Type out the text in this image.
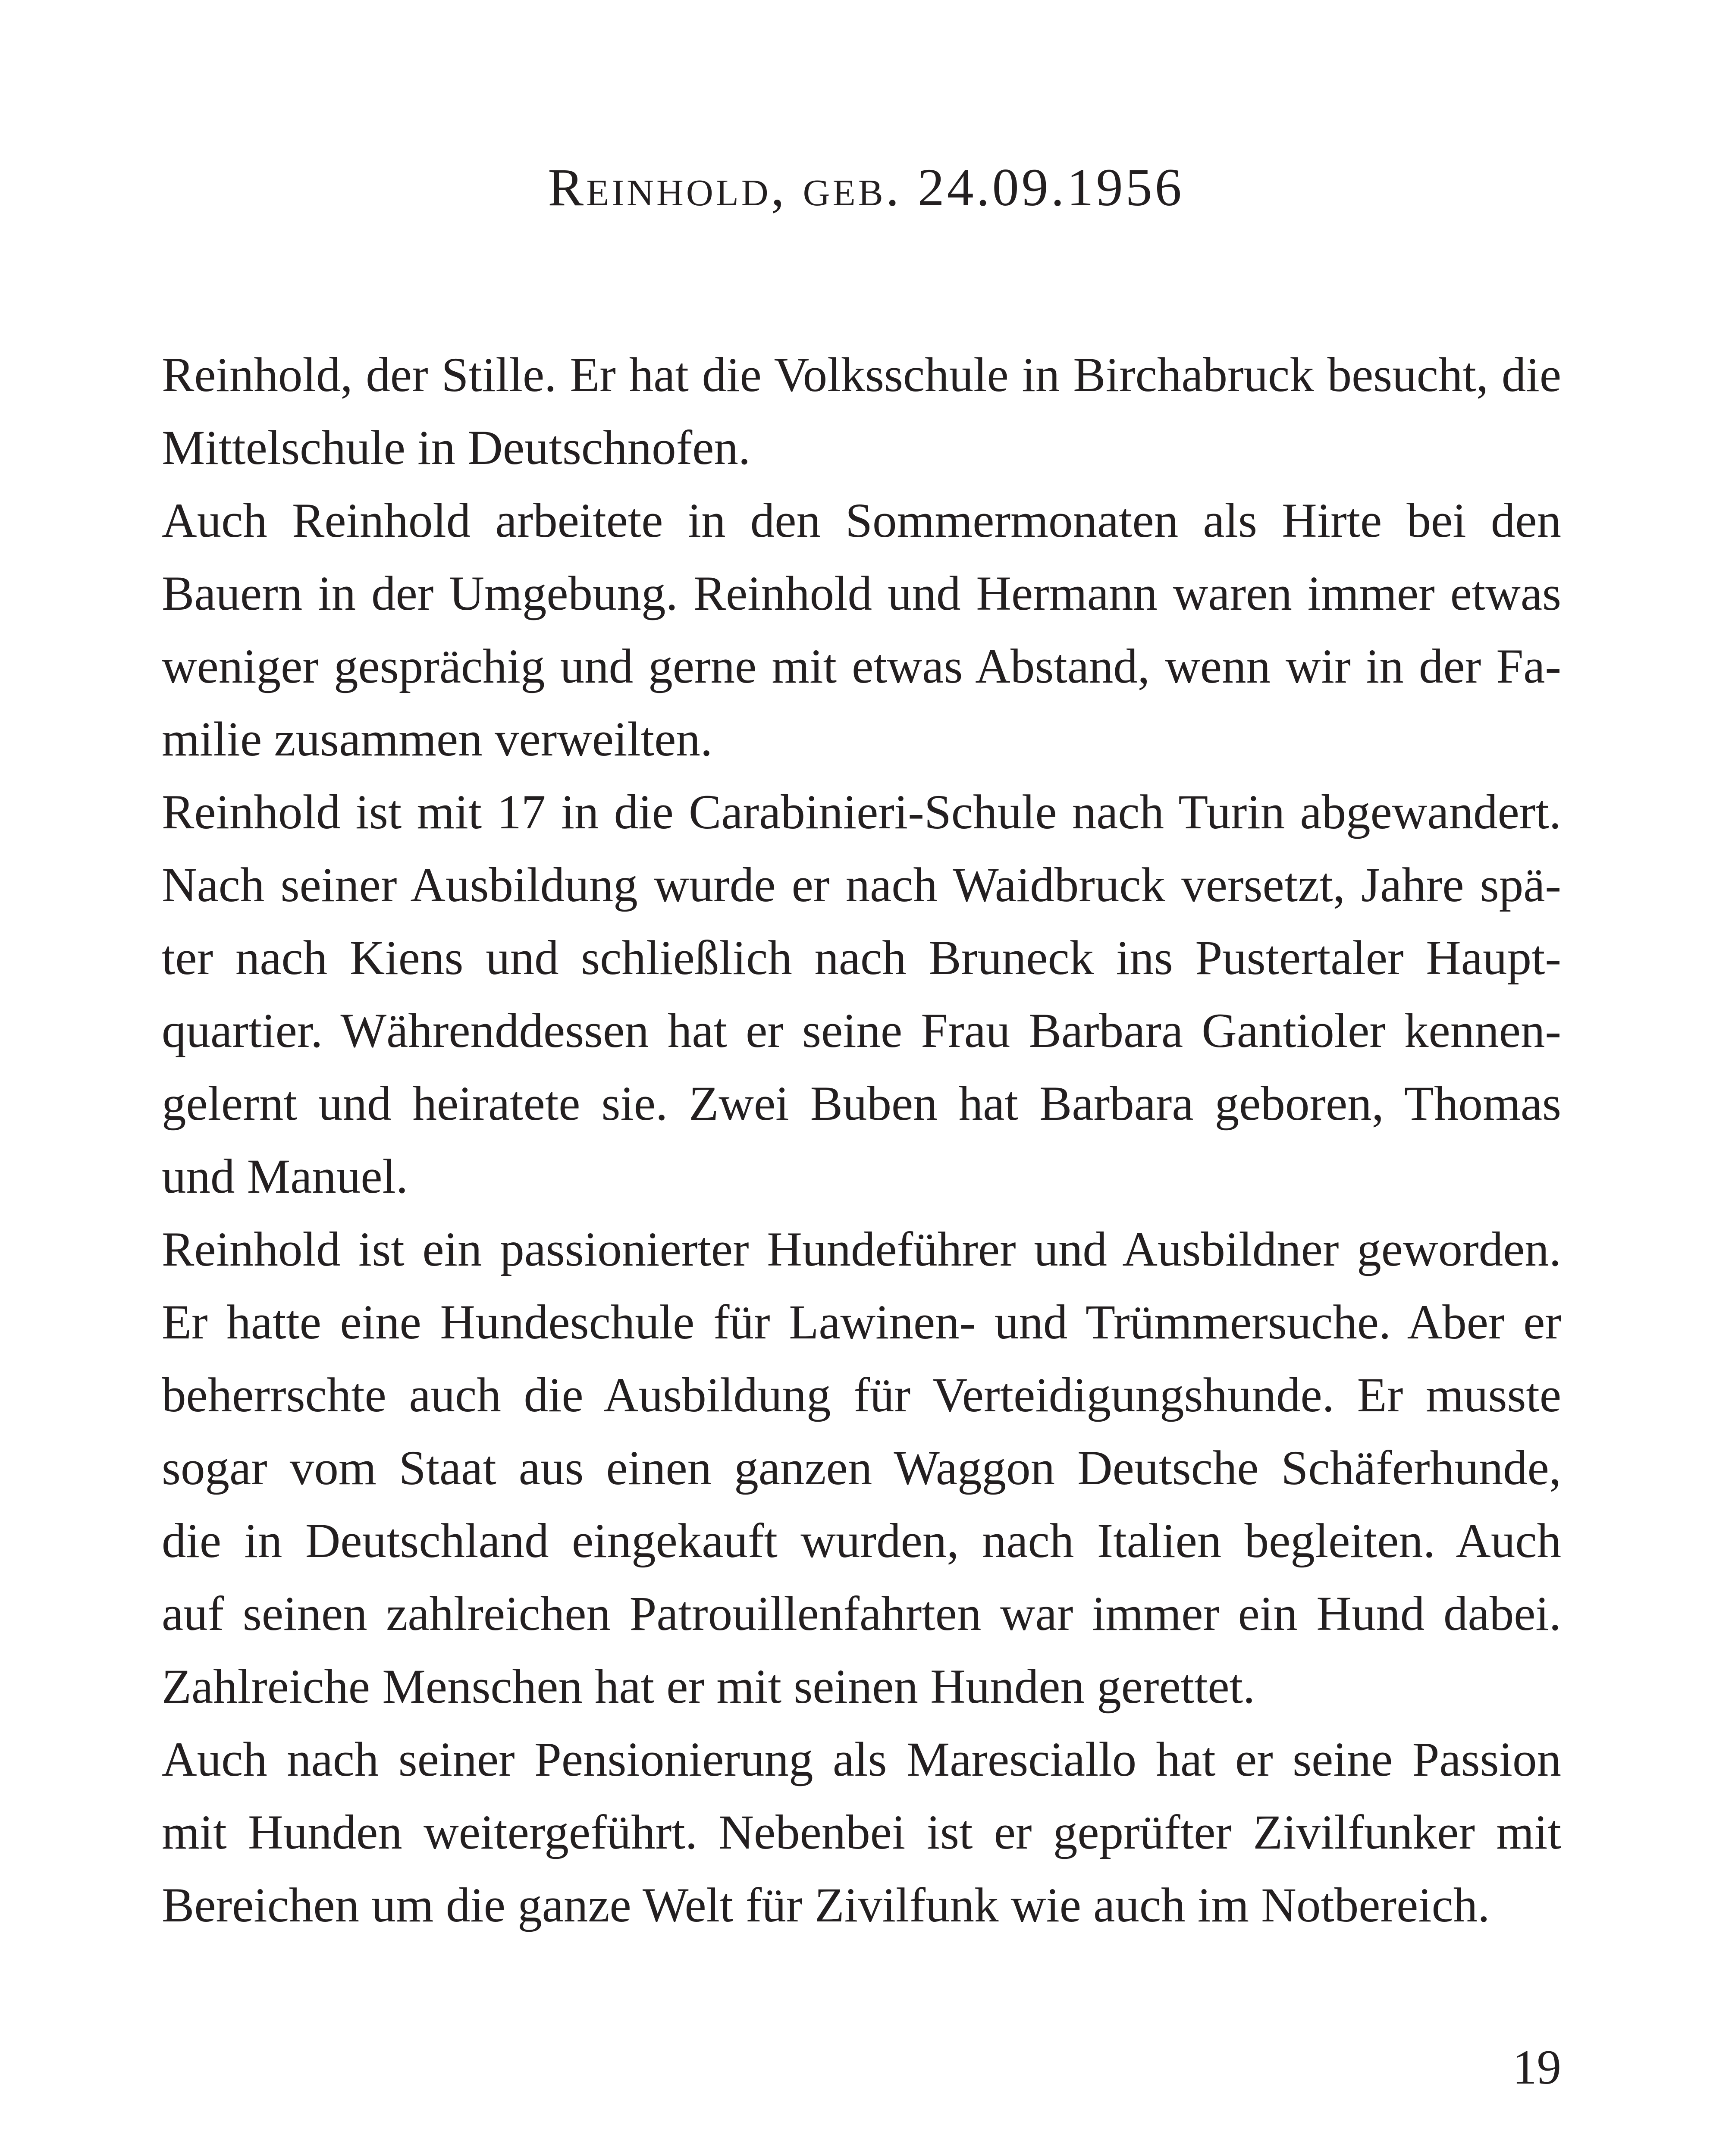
Reinhold, geb. 24.09.1956

Reinhold, der Stille. Er hat die Volksschule in Birchabruck besucht, die
Mittelschule in Deutschnofen.

Auch Reinhold arbeitete in den Sommermonaten als Hirte bei den
Bauern in der Umgebung. Reinhold und Hermann waren immer etwas
weniger gesprächig und gerne mit etwas Abstand, wenn wir in der Fa-
milie zusammen verweilten.

Reinhold ist mit 17 in die Carabinieri-Schule nach Turin abgewandert.
Nach seiner Ausbildung wurde er nach Waidbruck versetzt, Jahre spä-
ter nach Kiens und schließlich nach Bruneck ins Pustertaler Haupt-
quartier. Währenddessen hat er seine Frau Barbara Gantioler kennen-
gelernt und heiratete sie. Zwei Buben hat Barbara geboren, Thomas
und Manuel.

Reinhold ist ein passionierter Hundeführer und Ausbildner geworden.
Er hatte eine Hundeschule für Lawinen- und Trümmersuche. Aber er
beherrschte auch die Ausbildung für Verteidigungshunde. Er musste
sogar vom Staat aus einen ganzen Waggon Deutsche Schäferhunde,
die in Deutschland eingekauft wurden, nach Italien begleiten. Auch
auf seinen zahlreichen Patrouillenfahrten war immer ein Hund dabei.
Zahlreiche Menschen hat er mit seinen Hunden gerettet.

Auch nach seiner Pensionierung als Maresciallo hat er seine Passion
mit Hunden weitergeführt. Nebenbei ist er geprüfter Zivilfunker mit
Bereichen um die ganze Welt für Zivilfunk wie auch im Notbereich.

19
